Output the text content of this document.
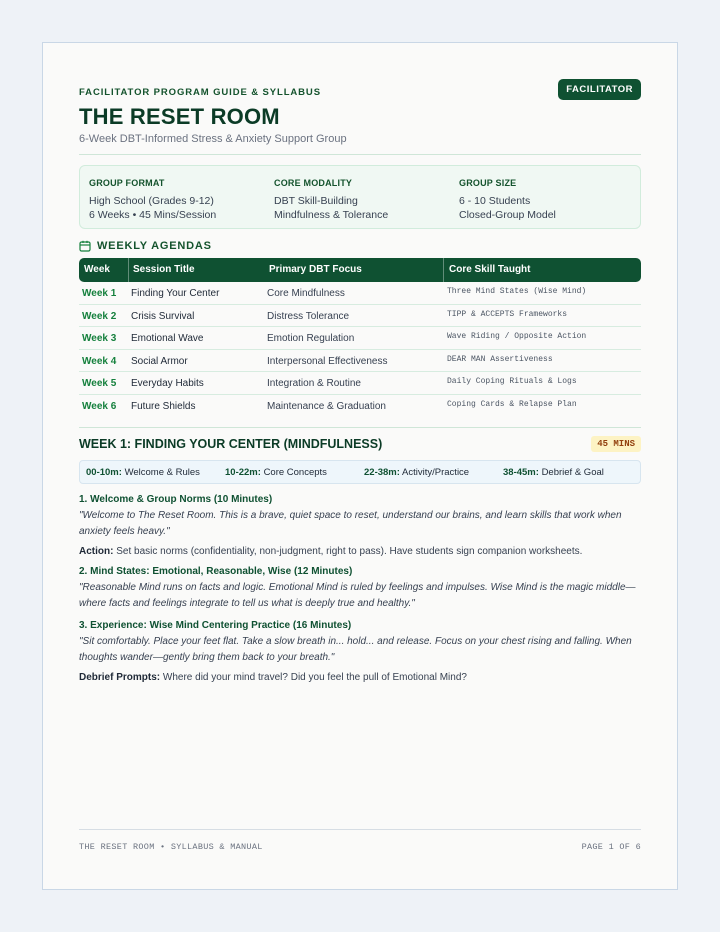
FACILITATOR PROGRAM GUIDE & SYLLABUS	FACILITATOR
THE RESET ROOM
6-Week DBT-Informed Stress & Anxiety Support Group
GROUP FORMAT
High School (Grades 9-12)
6 Weeks • 45 Mins/Session
CORE MODALITY
DBT Skill-Building
Mindfulness & Tolerance
GROUP SIZE
6 - 10 Students
Closed-Group Model
WEEKLY AGENDAS
Week Session Title	Primary DBT Focus	Core Skill Taught
Week 1 Finding Your Center	Core Mindfulness	Three Mind States (Wise Mind)
Week 2 Crisis Survival	Distress Tolerance	TIPP & ACCEPTS Frameworks
Week 3 Emotional Wave	Emotion Regulation	Wave Riding / Opposite Action
Week 4 Social Armor	Interpersonal Effectiveness	DEAR MAN Assertiveness
Week 5 Everyday Habits	Integration & Routine	Daily Coping Rituals & Logs
Week 6 Future Shields	Maintenance & Graduation	Coping Cards & Relapse Plan
WEEK 1: FINDING YOUR CENTER (MINDFULNESS)	45 MINS
00-10m: Welcome & Rules	10-22m: Core Concepts	22-38m: Activity/Practice	38-45m: Debrief & Goal
1. Welcome & Group Norms (10 Minutes)
"Welcome to The Reset Room. This is a brave, quiet space to reset, understand our brains, and learn skills that work when anxiety feels heavy."
Action: Set basic norms (confidentiality, non-judgment, right to pass). Have students sign companion worksheets.
2. Mind States: Emotional, Reasonable, Wise (12 Minutes)
"Reasonable Mind runs on facts and logic. Emotional Mind is ruled by feelings and impulses. Wise Mind is the magic middle—where facts and feelings integrate to tell us what is deeply true and healthy."
3. Experience: Wise Mind Centering Practice (16 Minutes)
"Sit comfortably. Place your feet flat. Take a slow breath in... hold... and release. Focus on your chest rising and falling. When thoughts wander—gently bring them back to your breath."
Debrief Prompts: Where did your mind travel? Did you feel the pull of Emotional Mind?
THE RESET ROOM • SYLLABUS & MANUAL	PAGE 1 OF 6
